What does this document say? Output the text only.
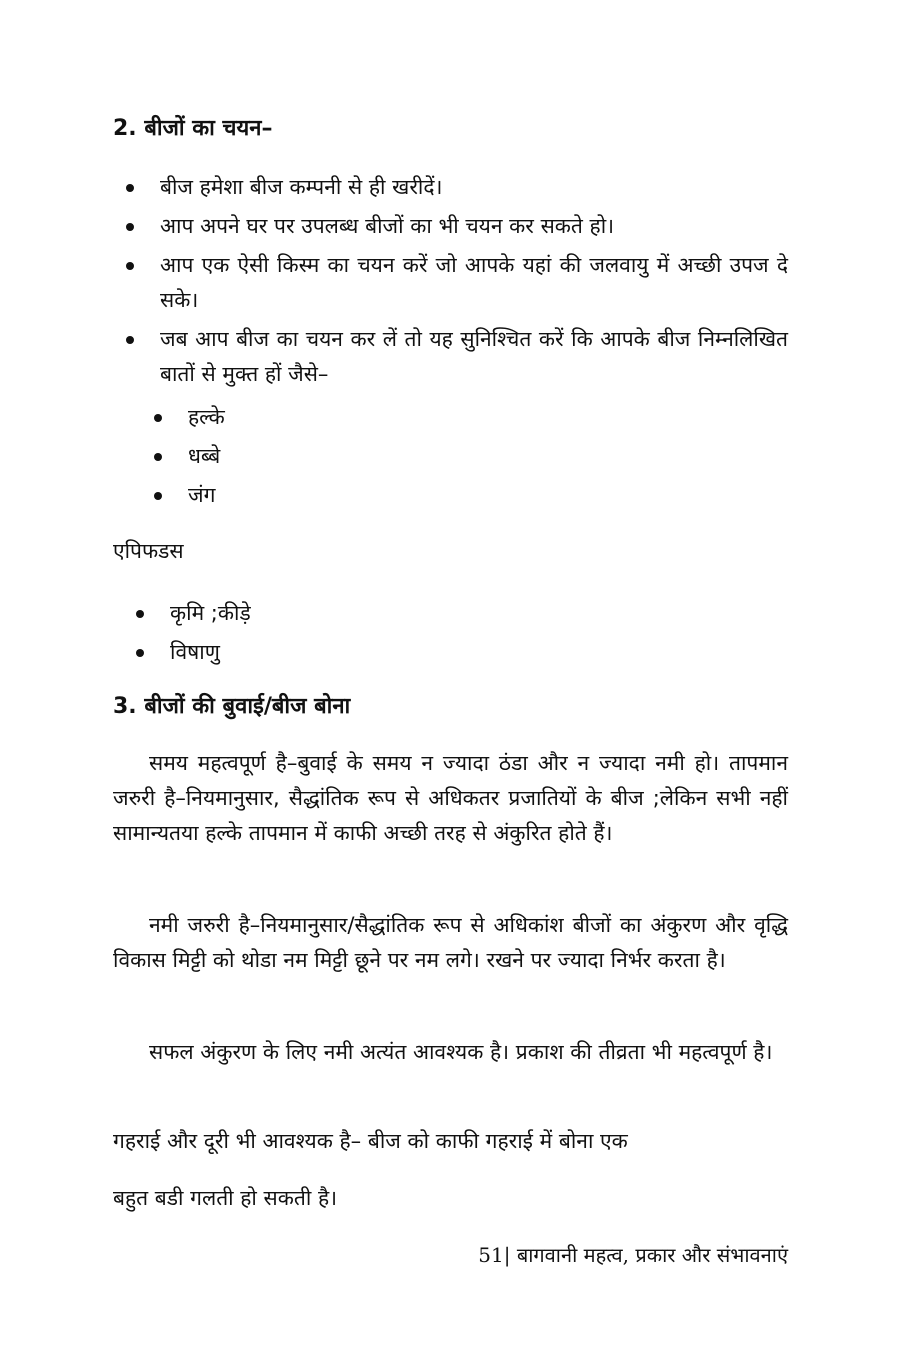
2. बीजों का चयन–
बीज हमेशा बीज कम्पनी से ही खरीदें।
आप अपने घर पर उपलब्ध बीजों का भी चयन कर सकते हो।
आप एक ऐसी किस्म का चयन करें जो आपके यहां की जलवायु में अच्छी उपज दे सके।
जब आप बीज का चयन कर लें तो यह सुनिश्चित करें कि आपके बीज निम्नलिखित बातों से मुक्त हों जैसे–
हल्के
धब्बे
जंग

एपिफडस

कृमि ;कीड़े
विषाणु
3. बीजों की बुवाई/बीज बोना

समय महत्वपूर्ण है–बुवाई के समय न ज्यादा ठंडा और न ज्यादा नमी हो। तापमान जरुरी है–नियमानुसार, सैद्धांतिक रूप से अधिकतर प्रजातियों के बीज ;लेकिन सभी नहीं सामान्यतया हल्के तापमान में काफी अच्छी तरह से अंकुरित होते हैं।

नमी जरुरी है–नियमानुसार/सैद्धांतिक रूप से अधिकांश बीजों का अंकुरण और वृद्धि विकास मिट्टी को थोडा नम मिट्टी छूने पर नम लगे। रखने पर ज्यादा निर्भर करता है।

सफल अंकुरण के लिए नमी अत्यंत आवश्यक है। प्रकाश की तीव्रता भी महत्वपूर्ण है।

गहराई और दूरी भी आवश्यक है– बीज को काफी गहराई में बोना एक

बहुत बडी गलती हो सकती है।

51| बागवानी महत्व, प्रकार और संभावनाएं
